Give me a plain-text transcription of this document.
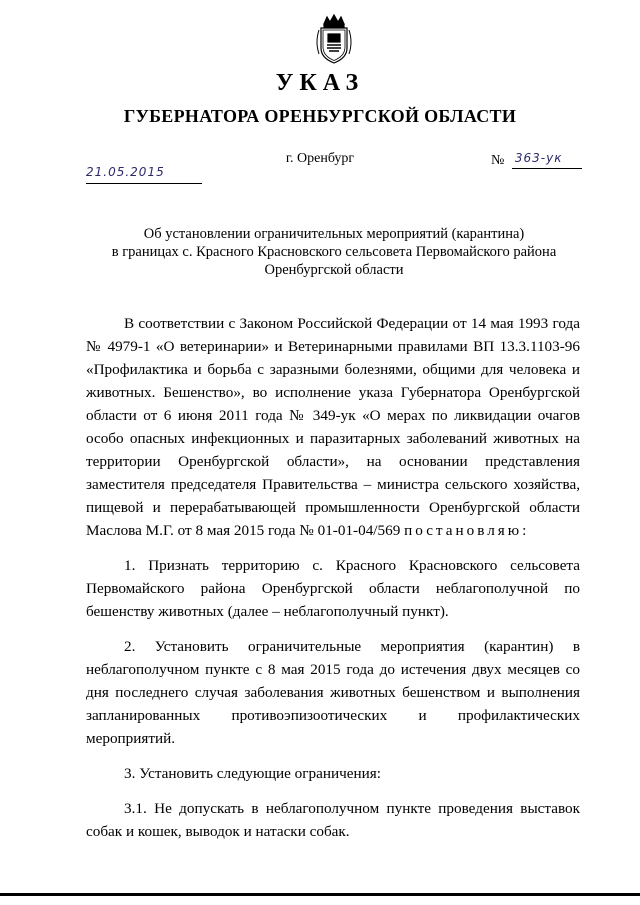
УКАЗ
ГУБЕРНАТОРА ОРЕНБУРГСКОЙ ОБЛАСТИ
21.05.2015
г. Оренбург	№ 363-ук
Об установлении ограничительных мероприятий (карантина)
в границах с. Красного Красновского сельсовета Первомайского района
Оренбургской области

В соответствии с Законом Российской Федерации от 14 мая 1993 года № 4979-1 «О ветеринарии» и Ветеринарными правилами ВП 13.3.1103-96 «Профилактика и борьба с заразными болезнями, общими для человека и животных. Бешенство», во исполнение указа Губернатора Оренбургской области от 6 июня 2011 года № 349-ук «О мерах по ликвидации очагов особо опасных инфекционных и паразитарных заболеваний животных на территории Оренбургской области», на основании представления заместителя председателя Правительства – министра сельского хозяйства, пищевой и перерабатывающей промышленности Оренбургской области Маслова М.Г. от 8 мая 2015 года № 01-01-04/569 постановляю:

1. Признать территорию с. Красного Красновского сельсовета Первомайского района Оренбургской области неблагополучной по бешенству животных (далее – неблагополучный пункт).

2. Установить ограничительные мероприятия (карантин) в неблагополучном пункте с 8 мая 2015 года до истечения двух месяцев со дня последнего случая заболевания животных бешенством и выполнения запланированных противоэпизоотических и профилактических мероприятий.

3. Установить следующие ограничения:

3.1. Не допускать в неблагополучном пункте проведения выставок собак и кошек, выводок и натаски собак.
